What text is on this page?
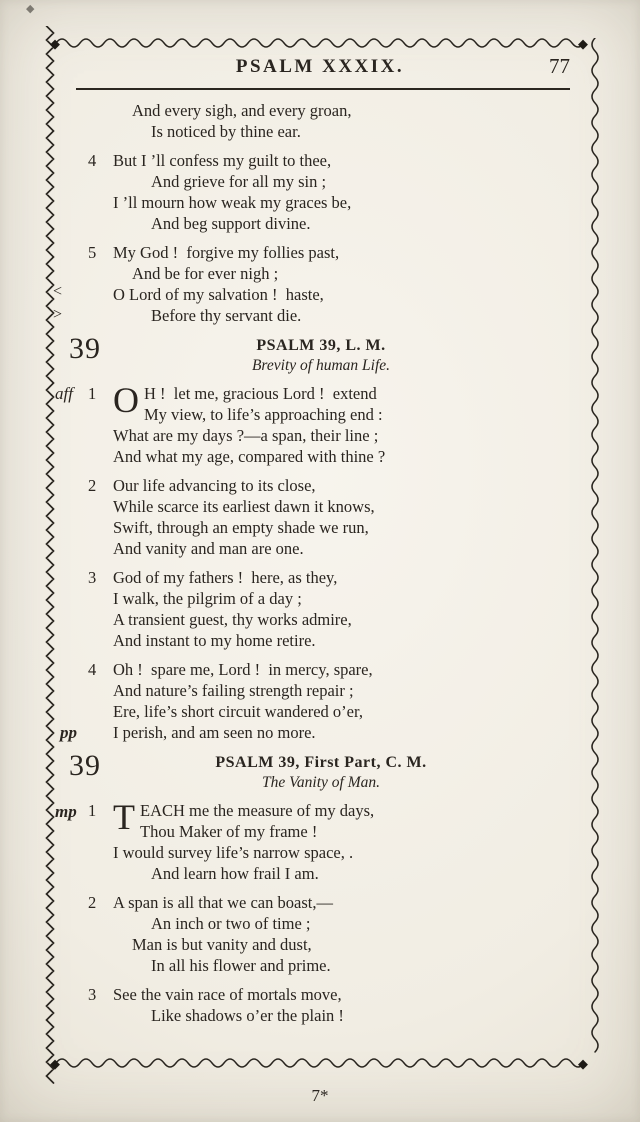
◆	◆
◆	◆
◆
PSALM XXXIX.	77
And every sigh, and every groan,
Is noticed by thine ear.
4 But I ’ll confess my guilt to thee,
And grieve for all my sin ;
I ’ll mourn how weak my graces be,
And beg support divine.
5
<
>
My God !  forgive my follies past,
And be for ever nigh ;
O Lord of my salvation !  haste,
Before thy servant die.
39	PSALM 39, L. M.
Brevity of human Life.
aff 1 O H !  let me, gracious Lord !  extend
My view, to life’s approaching end :
What are my days ?—a span, their line ;
And what my age, compared with thine ?
2 Our life advancing to its close,
While scarce its earliest dawn it knows,
Swift, through an empty shade we run,
And vanity and man are one.
3 God of my fathers !  here, as they,
I walk, the pilgrim of a day ;
A transient guest, thy works admire,
And instant to my home retire.
pp
4 Oh !  spare me, Lord !  in mercy, spare,
And nature’s failing strength repair ;
Ere, life’s short circuit wandered o’er,
I perish, and am seen no more.
39	PSALM 39, First Part, C. M.
The Vanity of Man.
mp 1 T EACH me the measure of my days,
Thou Maker of my frame !
I would survey life’s narrow space, .
And learn how frail I am.
2 A span is all that we can boast,—
An inch or two of time ;
Man is but vanity and dust,
In all his flower and prime.
3 See the vain race of mortals move,
Like shadows o’er the plain !
7*
